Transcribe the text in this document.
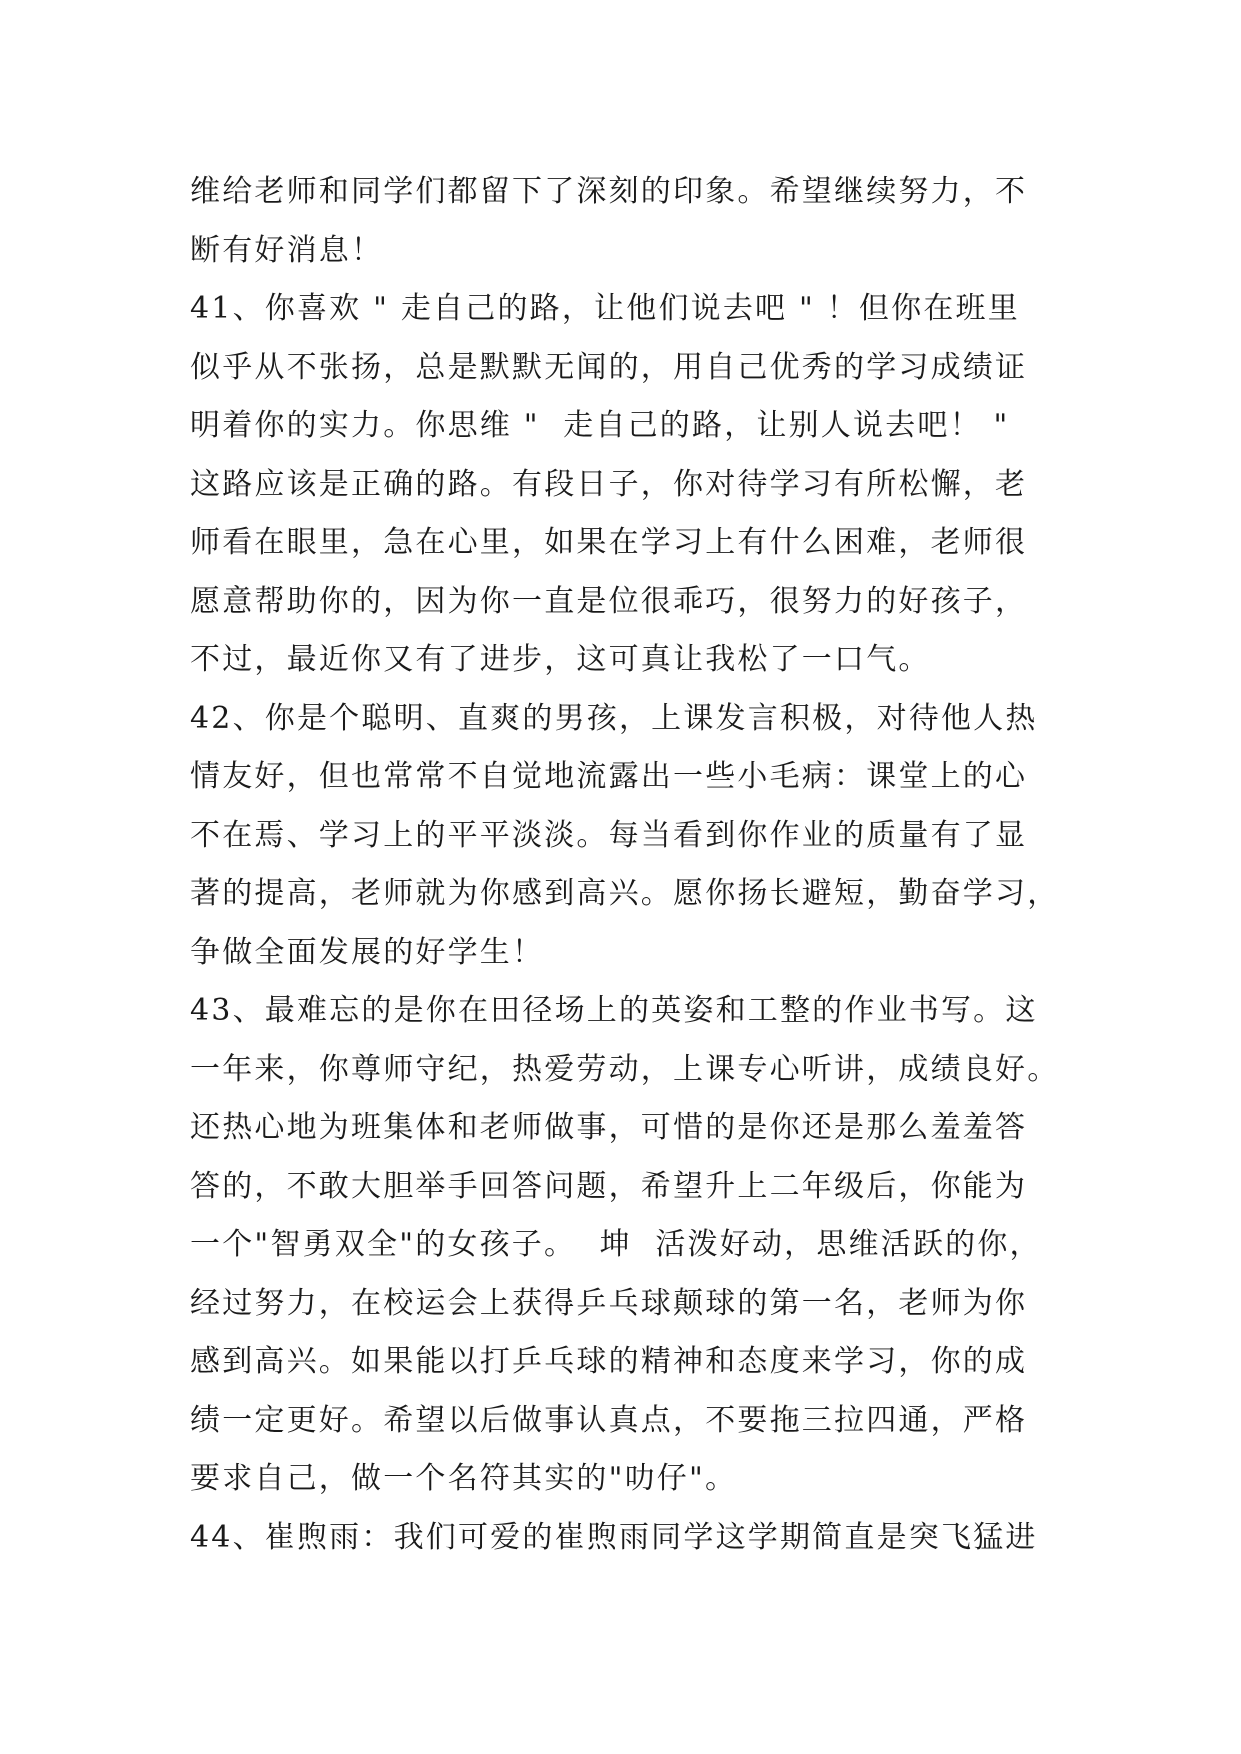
维给老师和同学们都留下了深刻的印象。希望继续努力，不
断有好消息！
41、你喜欢 " 走自己的路，让他们说去吧 " ！但你在班里
似乎从不张扬，总是默默无闻的，用自己优秀的学习成绩证
明着你的实力。你思维 "  走自己的路，让别人说去吧！ "
这路应该是正确的路。有段日子，你对待学习有所松懈，老
师看在眼里，急在心里，如果在学习上有什么困难，老师很
愿意帮助你的，因为你一直是位很乖巧，很努力的好孩子，
不过，最近你又有了进步，这可真让我松了一口气。
42、你是个聪明、直爽的男孩，上课发言积极，对待他人热
情友好，但也常常不自觉地流露出一些小毛病：课堂上的心
不在焉、学习上的平平淡淡。每当看到你作业的质量有了显
著的提高，老师就为你感到高兴。愿你扬长避短，勤奋学习，
争做全面发展的好学生！
43、最难忘的是你在田径场上的英姿和工整的作业书写。这
一年来，你尊师守纪，热爱劳动，上课专心听讲，成绩良好。
还热心地为班集体和老师做事，可惜的是你还是那么羞羞答
答的，不敢大胆举手回答问题，希望升上二年级后，你能为
一个"智勇双全"的女孩子。  坤  活泼好动，思维活跃的你，
经过努力，在校运会上获得乒乓球颠球的第一名，老师为你
感到高兴。如果能以打乒乓球的精神和态度来学习，你的成
绩一定更好。希望以后做事认真点，不要拖三拉四通，严格
要求自己，做一个名符其实的"叻仔"。
44、崔煦雨：我们可爱的崔煦雨同学这学期简直是突飞猛进
